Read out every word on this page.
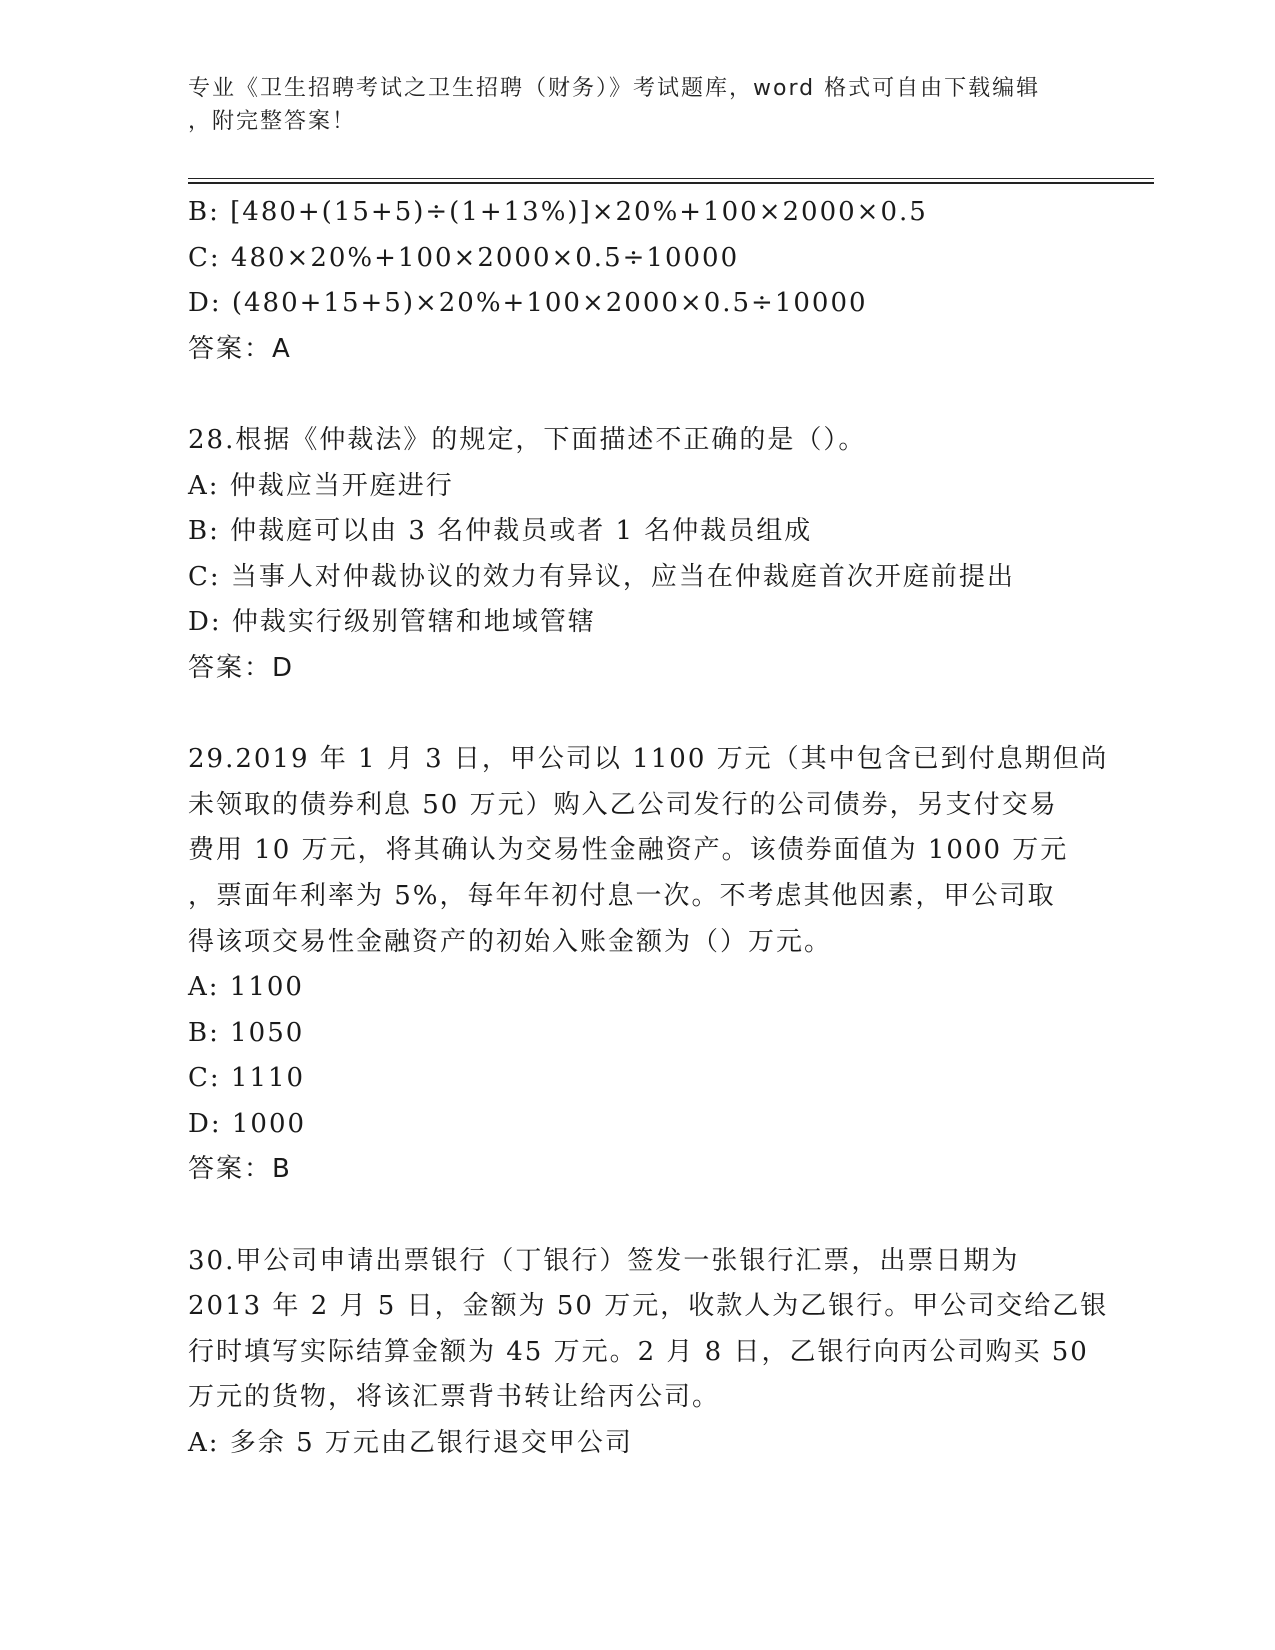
专业《卫生招聘考试之卫生招聘（财务）》考试题库，word 格式可自由下载编辑
，附完整答案！
B: [480+(15+5)÷(1+13%)]×20%+100×2000×0.5
C: 480×20%+100×2000×0.5÷10000
D: (480+15+5)×20%+100×2000×0.5÷10000
答案：A
28.根据《仲裁法》的规定，下面描述不正确的是（）。
A: 仲裁应当开庭进行
B: 仲裁庭可以由 3 名仲裁员或者 1 名仲裁员组成
C: 当事人对仲裁协议的效力有异议，应当在仲裁庭首次开庭前提出
D: 仲裁实行级别管辖和地域管辖
答案：D
29.2019 年 1 月 3 日，甲公司以 1100 万元（其中包含已到付息期但尚
未领取的债券利息 50 万元）购入乙公司发行的公司债券，另支付交易
费用 10 万元，将其确认为交易性金融资产。该债券面值为 1000 万元
，票面年利率为 5%，每年年初付息一次。不考虑其他因素，甲公司取
得该项交易性金融资产的初始入账金额为（）万元。
A: 1100
B: 1050
C: 1110
D: 1000
答案：B
30.甲公司申请出票银行（丁银行）签发一张银行汇票，出票日期为
2013 年 2 月 5 日，金额为 50 万元，收款人为乙银行。甲公司交给乙银
行时填写实际结算金额为 45 万元。2 月 8 日，乙银行向丙公司购买 50
万元的货物，将该汇票背书转让给丙公司。
A: 多余 5 万元由乙银行退交甲公司
